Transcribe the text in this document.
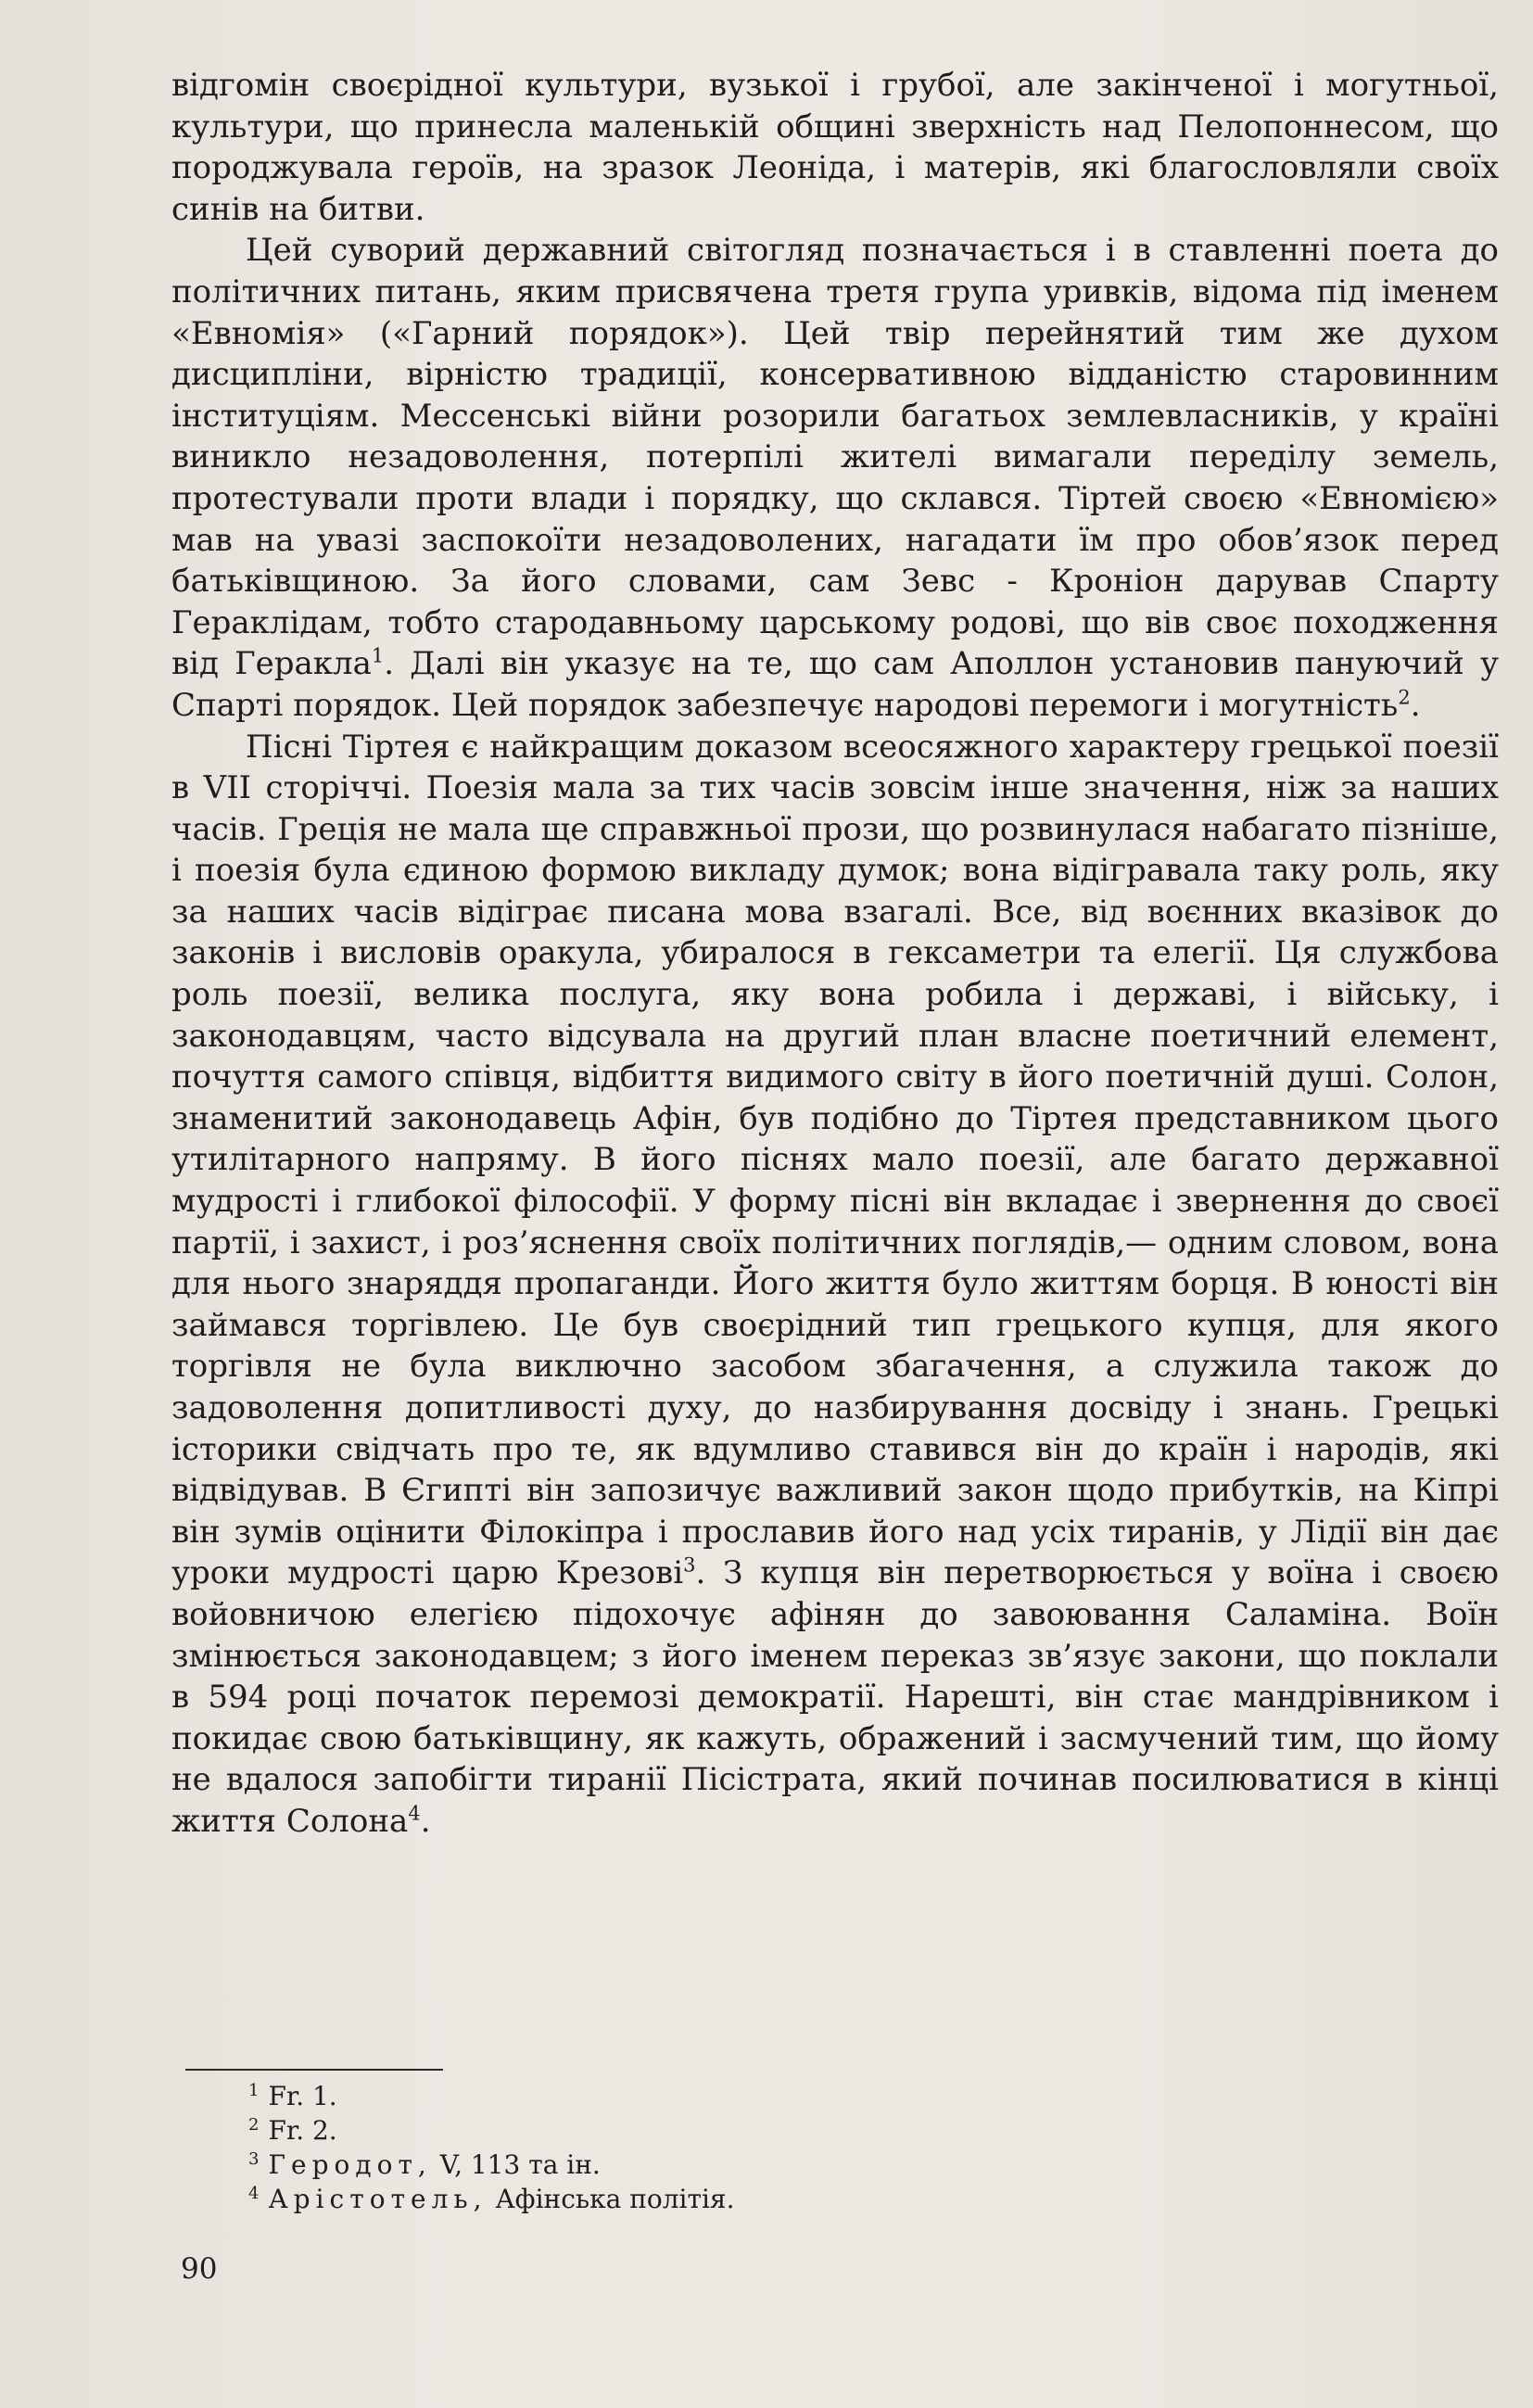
відгомін своєрідної культури, вузької і грубої, але закінченої і могутньої, культури, що принесла маленькій общині зверхність над Пелопоннесом, що породжувала героїв, на зразок Леоніда, і матерів, які благословляли своїх синів на битви.

Цей суворий державний світогляд позначається і в ставленні поета до політичних питань, яким присвячена третя група уривків, відома під іменем «Евномія» («Гарний порядок»). Цей твір перейнятий тим же духом дисципліни, вірністю традиції, консервативною відданістю старовинним інституціям. Мессенські війни розорили багатьох землевласників, у країні виникло незадоволення, потерпілі жителі вимагали переділу земель, протестували проти влади і порядку, що склався. Тіртей своєю «Евномією» мав на увазі заспокоїти незадоволених, нагадати їм про обов’язок перед батьківщиною. За його словами, сам Зевс - Кроніон дарував Спарту Гераклідам, тобто стародавньому царському родові, що вів своє походження від Геракла$^1$. Далі він указує на те, що сам Аполлон установив пануючий у Спарті порядок. Цей порядок забезпечує народові перемоги і могутність$^2$.

Пісні Тіртея є найкращим доказом всеосяжного характеру грецької поезії в VII сторіччі. Поезія мала за тих часів зовсім інше значення, ніж за наших часів. Греція не мала ще справжньої прози, що розвинулася набагато пізніше, і поезія була єдиною формою викладу думок; вона відігравала таку роль, яку за наших часів відіграє писана мова взагалі. Все, від воєнних вказівок до законів і висловів оракула, убиралося в гексаметри та елегії. Ця службова роль поезії, велика послуга, яку вона робила і державі, і війську, і законодавцям, часто відсувала на другий план власне поетичний елемент, почуття самого співця, відбиття видимого світу в його поетичній душі. Солон, знаменитий законодавець Афін, був подібно до Тіртея представником цього утилітарного напряму. В його піснях мало поезії, але багато державної мудрості і глибокої філософії. У форму пісні він вкладає і звернення до своєї партії, і захист, і роз’яснення своїх політичних поглядів,— одним словом, вона для нього знаряддя пропаганди. Його життя було життям борця. В юності він займався торгівлею. Це був своєрідний тип грецького купця, для якого торгівля не була виключно засобом збагачення, а служила також до задоволення допитливості духу, до назбирування досвіду і знань. Грецькі історики свідчать про те, як вдумливо ставився він до країн і народів, які відвідував. В Єгипті він запозичує важливий закон щодо прибутків, на Кіпрі він зумів оцінити Філокіпра і прославив його над усіх тиранів, у Лідії він дає уроки мудрості царю Крезові$^3$. З купця він перетворюється у воїна і своєю войовничою елегією підохочує афінян до завоювання Саламіна. Воїн змінюється законодавцем; з його іменем переказ зв’язує закони, що поклали в 594 році початок перемозі демократії. Нарешті, він стає мандрівником і покидає свою батьківщину, як кажуть, ображений і засмучений тим, що йому не вдалося запобігти тиранії Пісістрата, який починав посилюватися в кінці життя Солона$^4$.

$^1$ Fr. 1.
$^2$ Fr. 2.
$^3$ Геродот, V, 113 та ін.
$^4$ Арістотель, Афінська політія.
90
